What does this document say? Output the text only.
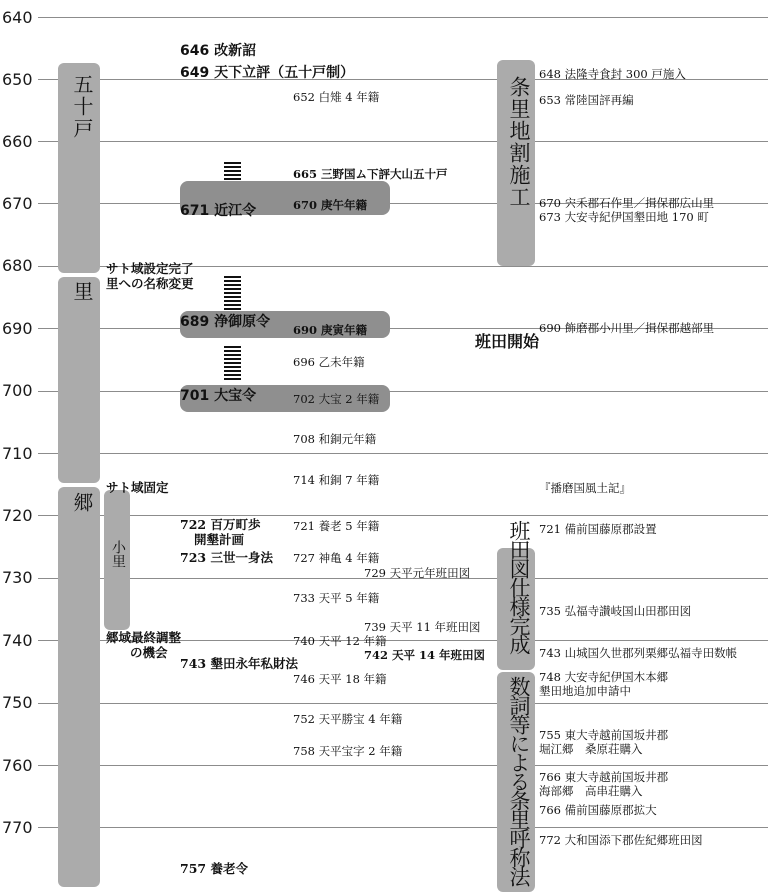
640
650
660
670
680
690
700
710
720
730
740
750
760
770
五十戸
里
郷
小里
条里地割施工
班田図仕様完成
数詞等による条里呼称法
646 改新詔
649 天下立評（五十戸制）
671 近江令
サト域設定完了
里への名称変更
689 浄御原令
701 大宝令
サト域固定
722 百万町歩
開墾計画
723 三世一身法
郷域最終調整
の機会
743 墾田永年私財法
757 養老令
652 白雉 4 年籍
665 三野国ム下評大山五十戸
670 庚午年籍
690 庚寅年籍
696 乙未年籍
702 大宝 2 年籍
708 和銅元年籍
714 和銅 7 年籍
721 養老 5 年籍
727 神亀 4 年籍
729 天平元年班田図
733 天平 5 年籍
739 天平 11 年班田図
740 天平 12 年籍
742 天平 14 年班田図
746 天平 18 年籍
752 天平勝宝 4 年籍
758 天平宝字 2 年籍
班田開始
648 法隆寺食封 300 戸施入
653 常陸国評再編
670 宍禾郡石作里／揖保郡広山里
673 大安寺紀伊国墾田地 170 町
690 飾磨郡小川里／揖保郡越部里
『播磨国風土記』
721 備前国藤原郡設置
735 弘福寺讃岐国山田郡田図
743 山城国久世郡列栗郷弘福寺田数帳
748 大安寺紀伊国木本郷
墾田地追加申請中
755 東大寺越前国坂井郡
堀江郷　桑原荘購入
766 東大寺越前国坂井郡
海部郷　高串荘購入
766 備前国藤原郡拡大
772 大和国添下郡佐紀郷班田図
